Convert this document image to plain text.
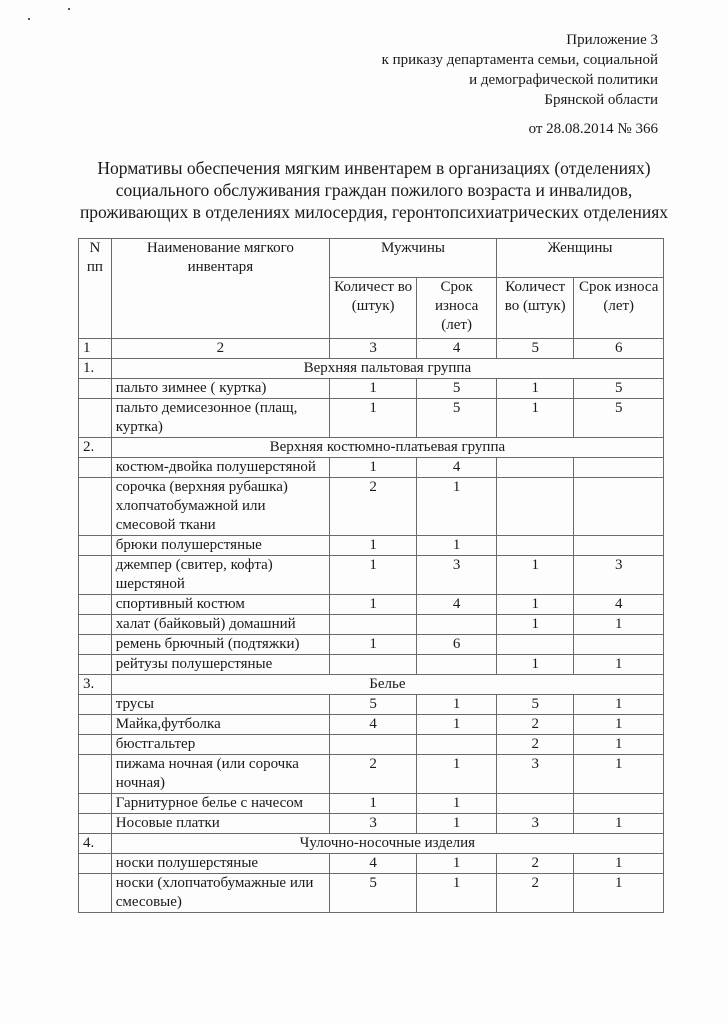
Приложение 3
к приказу департамента семьи, социальной
и демографической политики
Брянской области
от 28.08.2014 № 366
Нормативы обеспечения мягким инвентарем в организациях (отделениях)
социального обслуживания граждан пожилого возраста и инвалидов,
проживающих в отделениях милосердия, геронтопсихиатрических отделениях
N пп	Наименование мягкого инвентаря	Мужчины		Женщины	
		Количест во (штук)	Срок износа (лет)	Количест во (штук)	Срок износа (лет)
1	2	3	4	5	6
1.	Верхняя пальтовая группа				
	пальто зимнее ( куртка)	1	5	1	5
	пальто демисезонное (плащ, куртка)	1	5	1	5
2.	Верхняя костюмно-платьевая группа				
	костюм-двойка полушерстяной	1	4		
	сорочка (верхняя рубашка) хлопчатобумажной или смесовой ткани	2	1		
	брюки полушерстяные	1	1		
	джемпер (свитер, кофта) шерстяной	1	3	1	3
	спортивный костюм	1	4	1	4
	халат (байковый) домашний			1	1
	ремень брючный (подтяжки)	1	6		
	рейтузы полушерстяные			1	1
3.	Белье				
	трусы	5	1	5	1
	Майка,футболка	4	1	2	1
	бюстгальтер			2	1
	пижама ночная (или сорочка ночная)	2	1	3	1
	Гарнитурное белье с начесом	1	1		
	Носовые платки	3	1	3	1
4.	Чулочно-носочные изделия				
	носки полушерстяные	4	1	2	1
	носки (хлопчатобумажные или смесовые)	5	1	2	1
